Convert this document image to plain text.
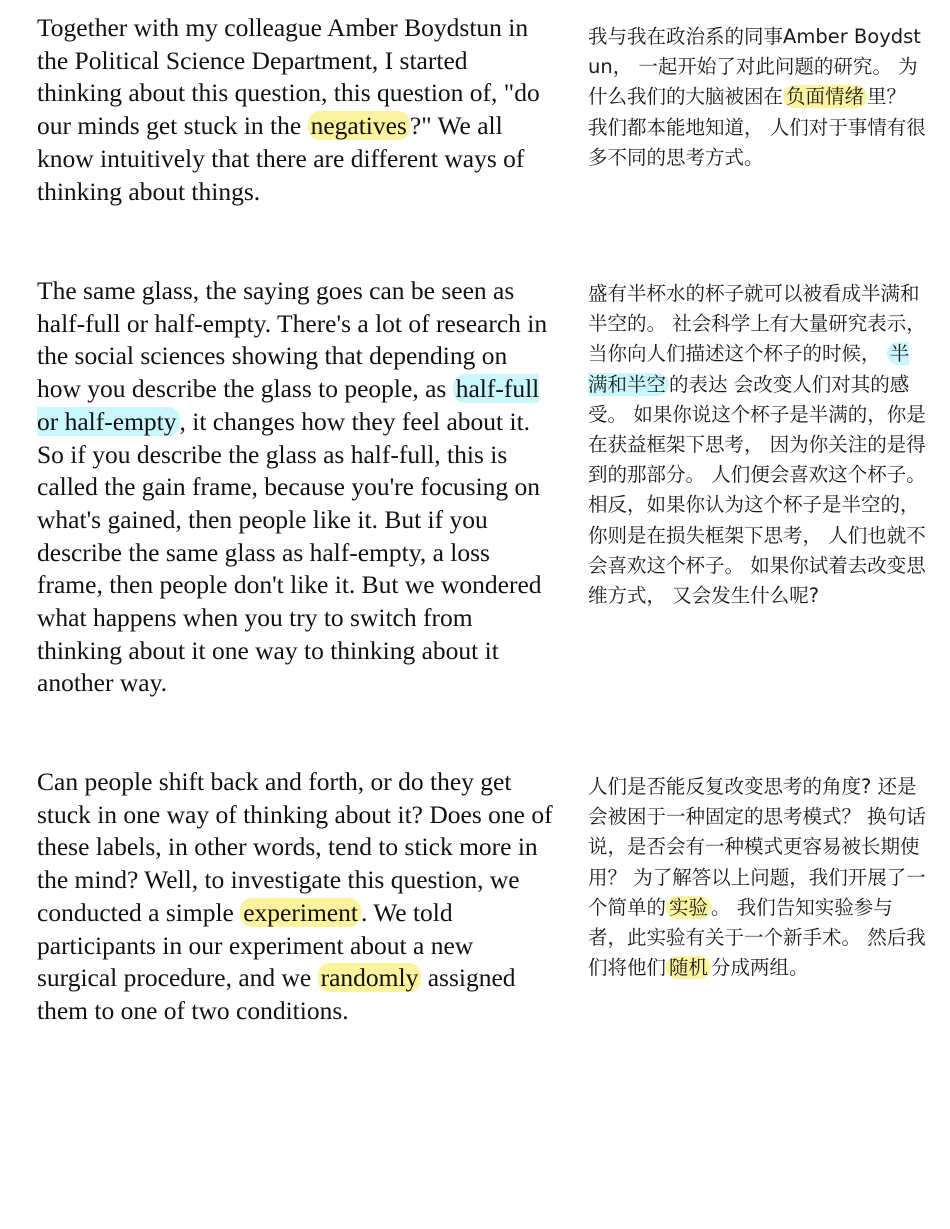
Together with my colleague Amber Boydstun in the Political Science Department, I started thinking about this question, this question of, "do our minds get stuck in the negatives ?" We all know intuitively that there are different ways of thinking about things.

我与我在政治系的同事Amber Boydstun， 一起开始了对此问题的研究。 为什么我们的大脑被困在 负面情绪 里？ 我们都本能地知道， 人们对于事情有很多不同的思考方式。

The same glass, the saying goes can be seen as half-full or half-empty. There's a lot of research in the social sciences showing that depending on how you describe the glass to people, as half-full or half-empty , it changes how they feel about it. So if you describe the glass as half-full, this is called the gain frame, because you're focusing on what's gained, then people like it. But if you describe the same glass as half-empty, a loss frame, then people don't like it. But we wondered what happens when you try to switch from thinking about it one way to thinking about it another way.

盛有半杯水的杯子就可以被看成半满和半空的。 社会科学上有大量研究表示， 当你向人们描述这个杯子的时候， 半满和半空 的表达 会改变人们对其的感受。 如果你说这个杯子是半满的，你是在获益框架下思考， 因为你关注的是得到的那部分。 人们便会喜欢这个杯子。 相反，如果你认为这个杯子是半空的，你则是在损失框架下思考， 人们也就不会喜欢这个杯子。 如果你试着去改变思维方式， 又会发生什么呢?

Can people shift back and forth, or do they get stuck in one way of thinking about it? Does one of these labels, in other words, tend to stick more in the mind? Well, to investigate this question, we conducted a simple experiment . We told participants in our experiment about a new surgical procedure, and we randomly assigned them to one of two conditions.

人们是否能反复改变思考的角度? 还是会被困于一种固定的思考模式？ 换句话说，是否会有一种模式更容易被长期使用？ 为了解答以上问题，我们开展了一个简单的 实验 。 我们告知实验参与者，此实验有关于一个新手术。 然后我们将他们 随机 分成两组。
